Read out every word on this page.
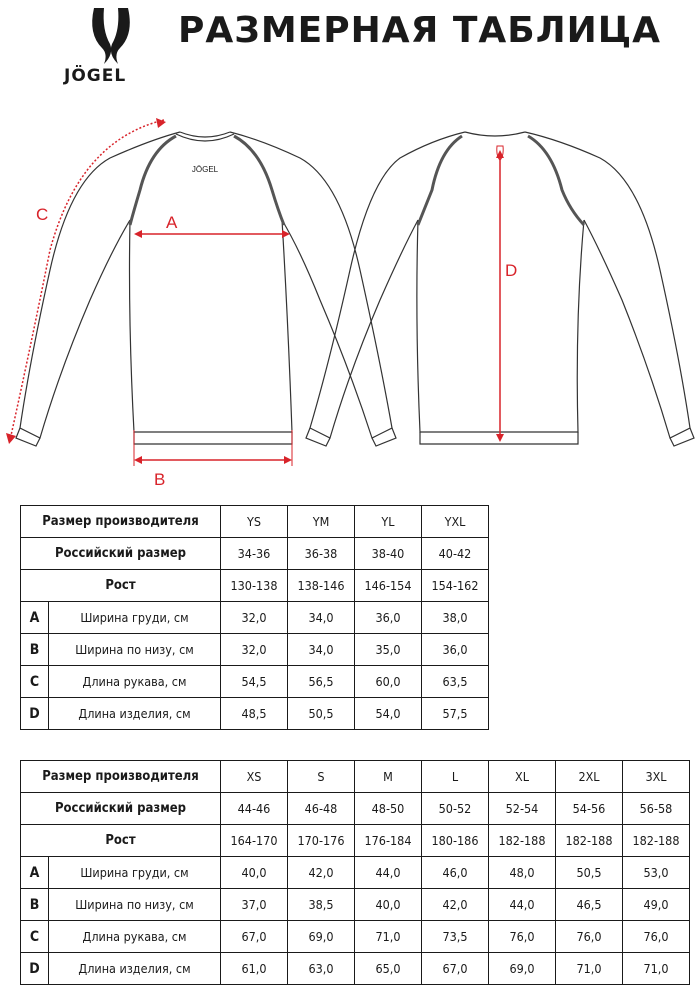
JÖGEL
РАЗМЕРНАЯ ТАБЛИЦА
JÖGEL
A
B
C
D
Размер производителя		YS	YM	YL	YXL
Российский размер		34-36	36-38	38-40	40-42
Рост		130-138	138-146	146-154	154-162
A	Ширина груди, см	32,0	34,0	36,0	38,0
B	Ширина по низу, см	32,0	34,0	35,0	36,0
C	Длина рукава, см	54,5	56,5	60,0	63,5
D	Длина изделия, см	48,5	50,5	54,0	57,5
Размер производителя		XS	S	M	L	XL	2XL	3XL
Российский размер		44-46	46-48	48-50	50-52	52-54	54-56	56-58
Рост		164-170	170-176	176-184	180-186	182-188	182-188	182-188
A	Ширина груди, см	40,0	42,0	44,0	46,0	48,0	50,5	53,0
B	Ширина по низу, см	37,0	38,5	40,0	42,0	44,0	46,5	49,0
C	Длина рукава, см	67,0	69,0	71,0	73,5	76,0	76,0	76,0
D	Длина изделия, см	61,0	63,0	65,0	67,0	69,0	71,0	71,0
